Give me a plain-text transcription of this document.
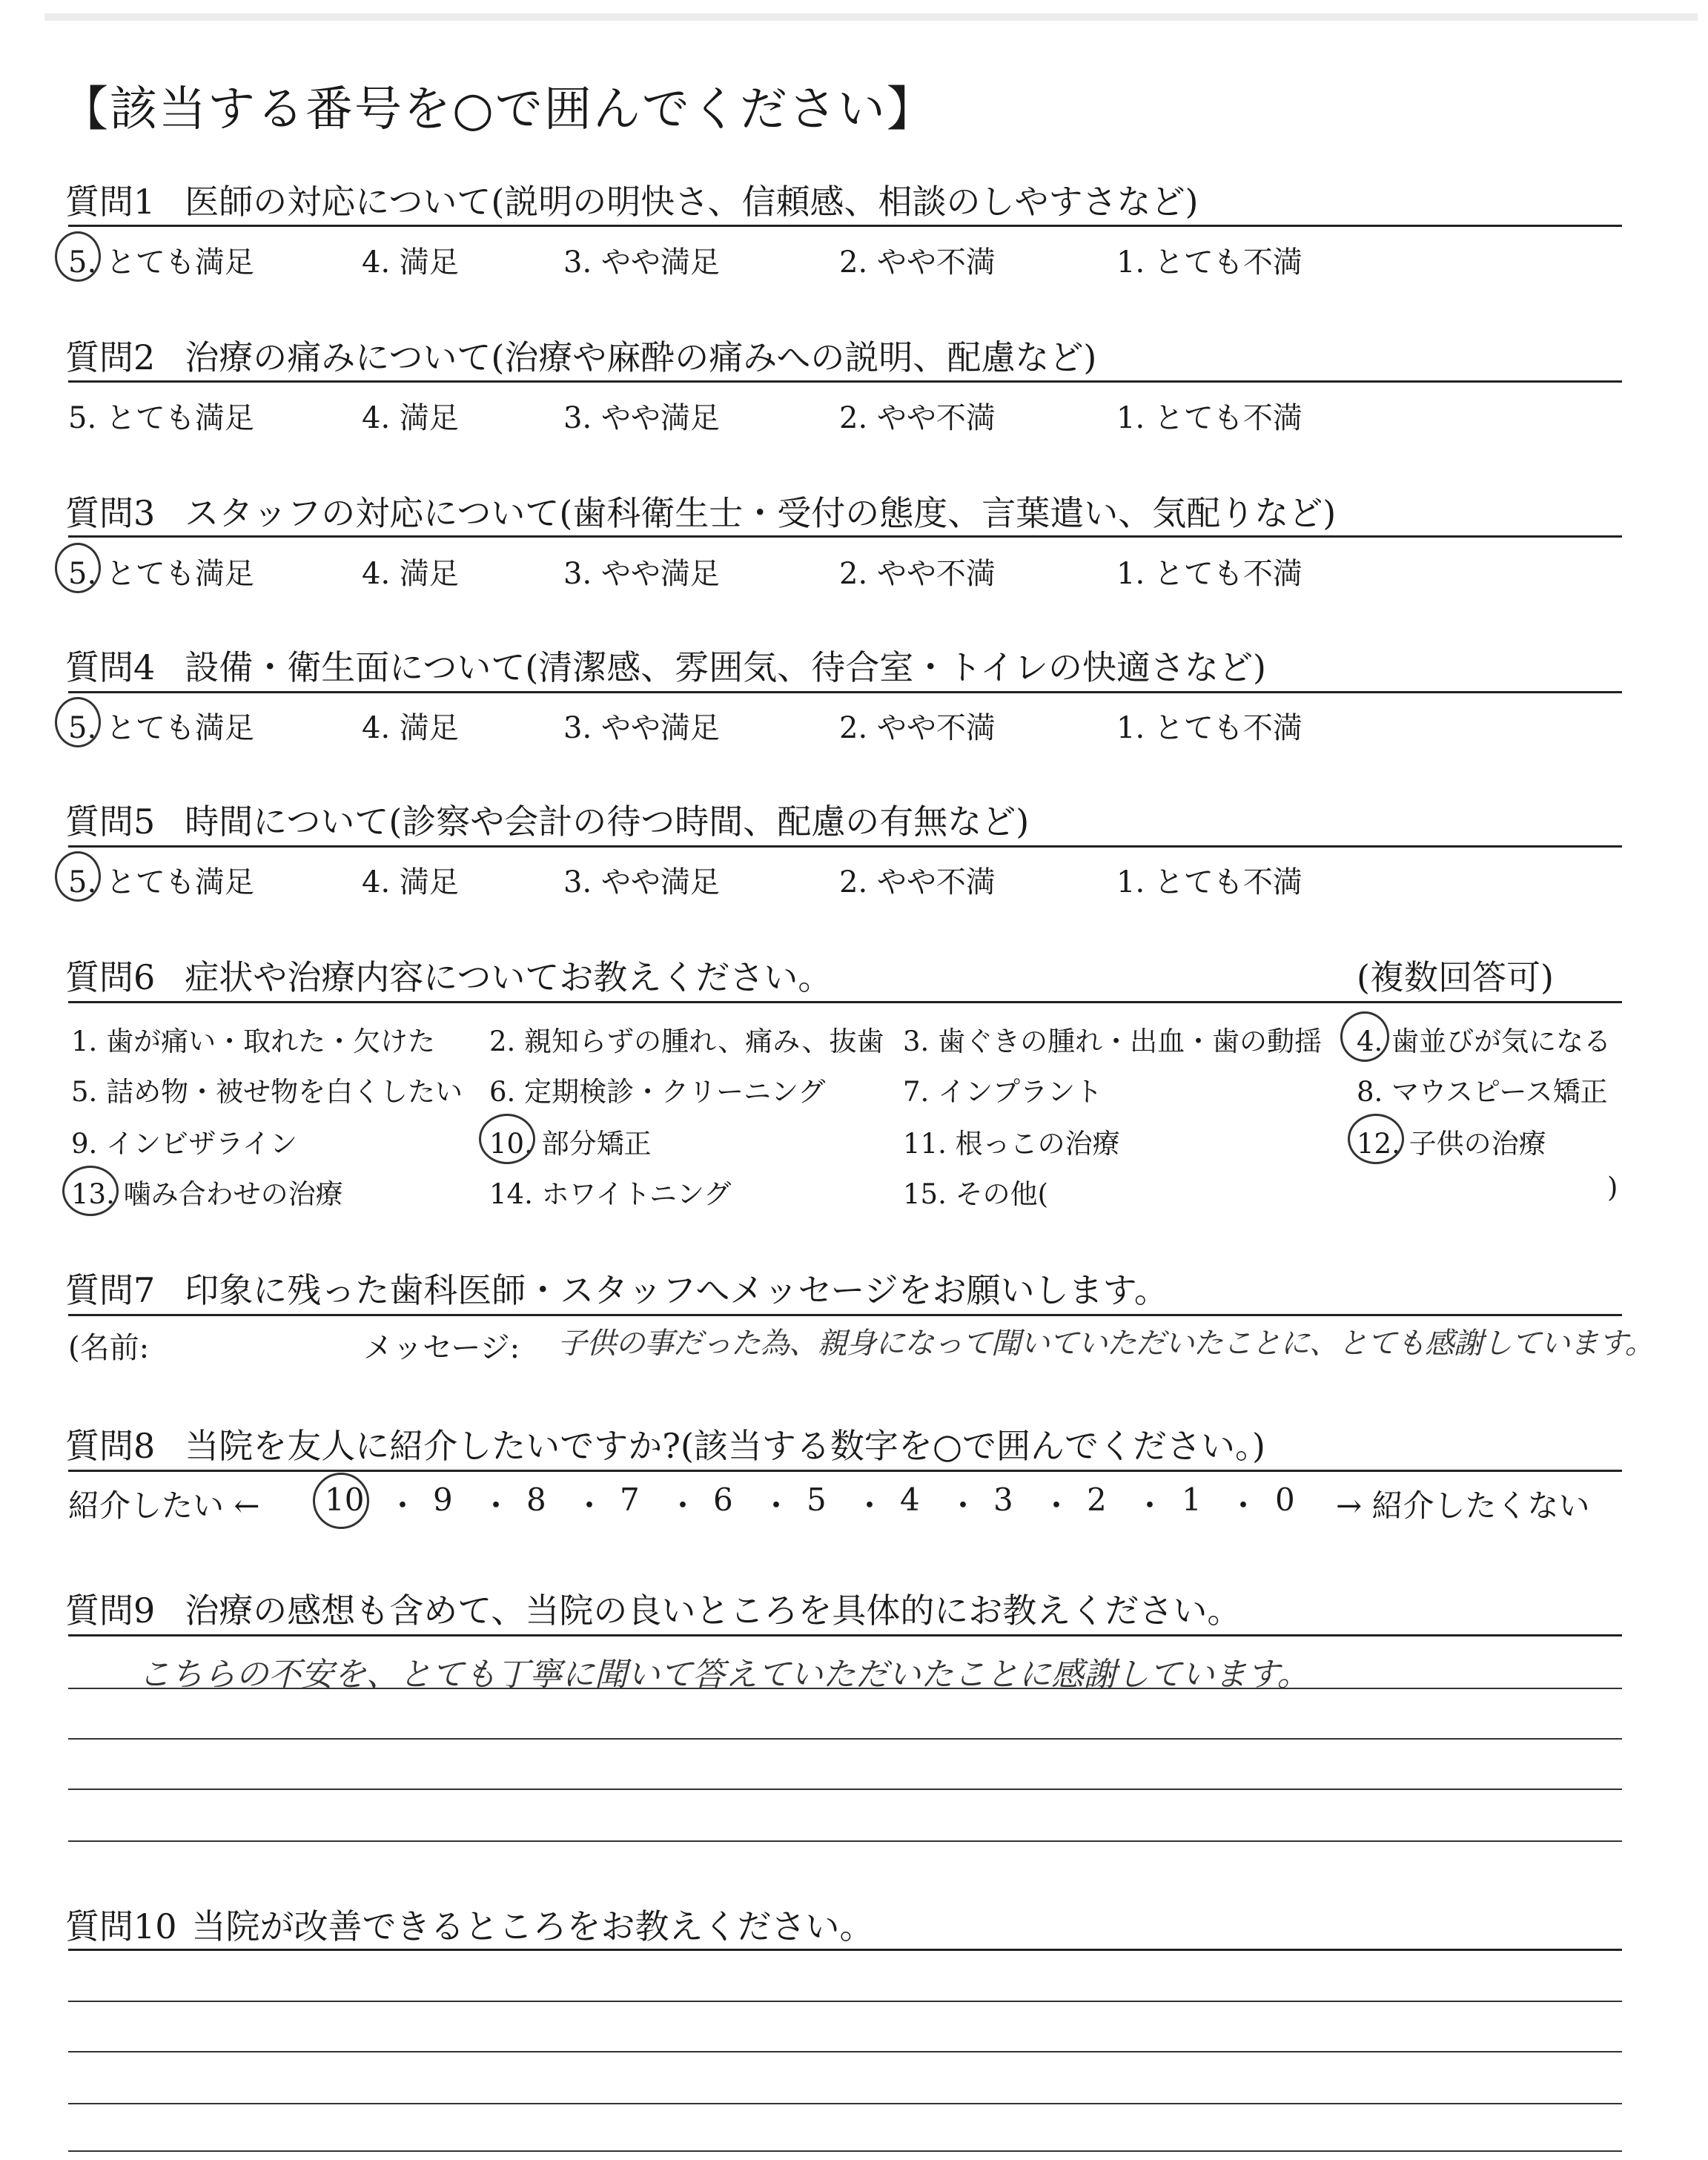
【該当する番号を○で囲んでください】
質問1 医師の対応について(説明の明快さ、信頼感、相談のしやすさなど)
5. とても満足	4. 満足	3. やや満足	2. やや不満	1. とても不満
質問2 治療の痛みについて(治療や麻酔の痛みへの説明、配慮など)
5. とても満足	4. 満足	3. やや満足	2. やや不満	1. とても不満
質問3 スタッフの対応について(歯科衛生士・受付の態度、言葉遣い、気配りなど)
5. とても満足	4. 満足	3. やや満足	2. やや不満	1. とても不満
質問4 設備・衛生面について(清潔感、雰囲気、待合室・トイレの快適さなど)
5. とても満足	4. 満足	3. やや満足	2. やや不満	1. とても不満
質問5 時間について(診察や会計の待つ時間、配慮の有無など)
5. とても満足	4. 満足	3. やや満足	2. やや不満	1. とても不満
質問6 症状や治療内容についてお教えください。	(複数回答可)
1. 歯が痛い・取れた・欠けた 2. 親知らずの腫れ、痛み、抜歯 3. 歯ぐきの腫れ・出血・歯の動揺 4. 歯並びが気になる
5. 詰め物・被せ物を白くしたい 6. 定期検診・クリーニング	7. インプラント	8. マウスピース矯正
9. インビザライン	10. 部分矯正	11. 根っこの治療	12. 子供の治療
13. 噛み合わせの治療	14. ホワイトニング	15. その他(	)
質問7 印象に残った歯科医師・スタッフへメッセージをお願いします。
(名前:	メッセージ: 子供の事だった為、親身になって聞いていただいたことに、とても感謝しています。
質問8 当院を友人に紹介したいですか?(該当する数字を○で囲んでください。)
紹介したい ← 10 ・ 9 ・ 8 ・ 7 ・ 6 ・ 5 ・ 4 ・ 3 ・ 2 ・ 1 ・ 0 → 紹介したくない
質問9 治療の感想も含めて、当院の良いところを具体的にお教えください。
こちらの不安を、とても丁寧に聞いて答えていただいたことに感謝しています。
質問10 当院が改善できるところをお教えください。
